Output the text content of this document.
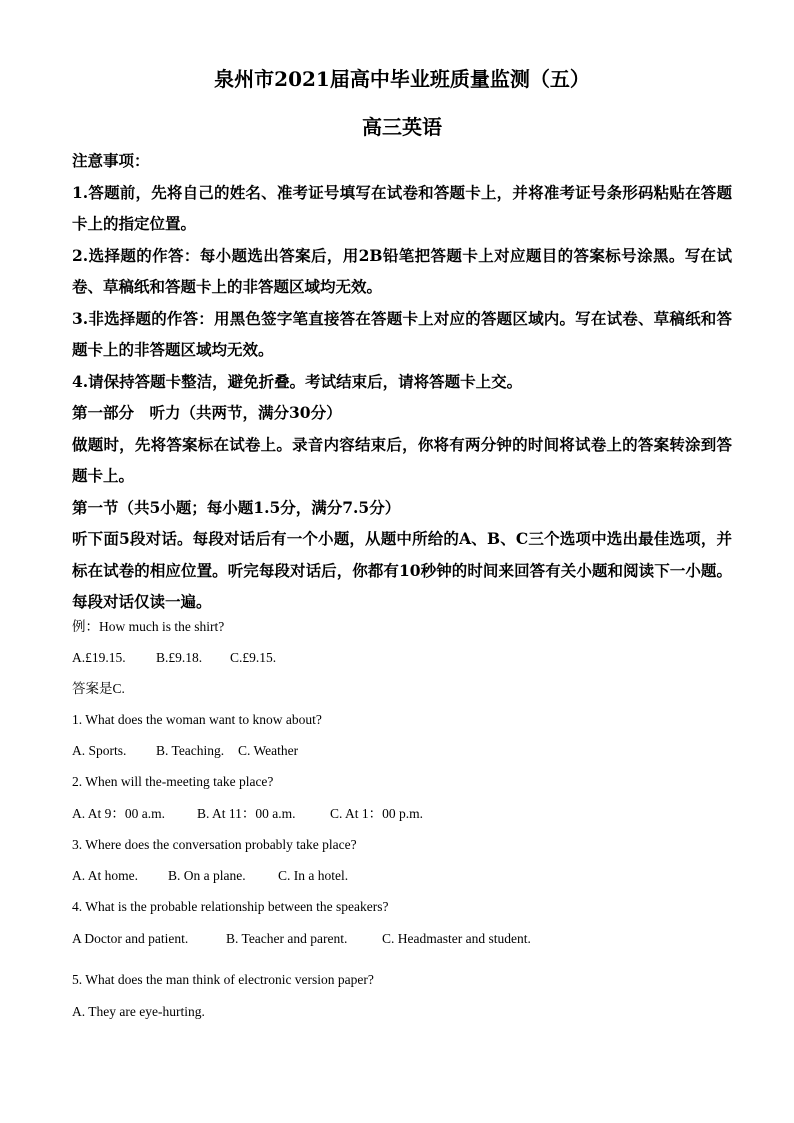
泉州市2021届高中毕业班质量监测（五）
高三英语

注意事项：

1.答题前，先将自己的姓名、准考证号填写在试卷和答题卡上，并将准考证号条形码粘贴在答题卡上的指定位置。

2.选择题的作答：每小题选出答案后，用2B铅笔把答题卡上对应题目的答案标号涂黑。写在试卷、草稿纸和答题卡上的非答题区域均无效。

3.非选择题的作答：用黑色签字笔直接答在答题卡上对应的答题区域内。写在试卷、草稿纸和答题卡上的非答题区域均无效。

4.请保持答题卡整洁，避免折叠。考试结束后，请将答题卡上交。

第一部分　听力（共两节，满分30分）

做题时，先将答案标在试卷上。录音内容结束后，你将有两分钟的时间将试卷上的答案转涂到答题卡上。

第一节（共5小题；每小题1.5分，满分7.5分）

听下面5段对话。每段对话后有一个小题，从题中所给的A、B、C三个选项中选出最佳选项，并标在试卷的相应位置。听完每段对话后，你都有10秒钟的时间来回答有关小题和阅读下一小题。每段对话仅读一遍。

例：How much is the shirt?

A.£19.15. B.£9.18. C.£9.15.

答案是C.

1. What does the woman want to know about?

A. Sports. B. Teaching. C. Weather

2. When will the-meeting take place?

A. At 9：00 a.m. B. At 11：00 a.m.	C. At 1：00 p.m.

3. Where does the conversation probably take place?

A. At home. B. On a plane. C. In a hotel.

4. What is the probable relationship between the speakers?

A Doctor and patient.	B. Teacher and parent.	C. Headmaster and student.

5. What does the man think of electronic version paper?

A. They are eye-hurting.
